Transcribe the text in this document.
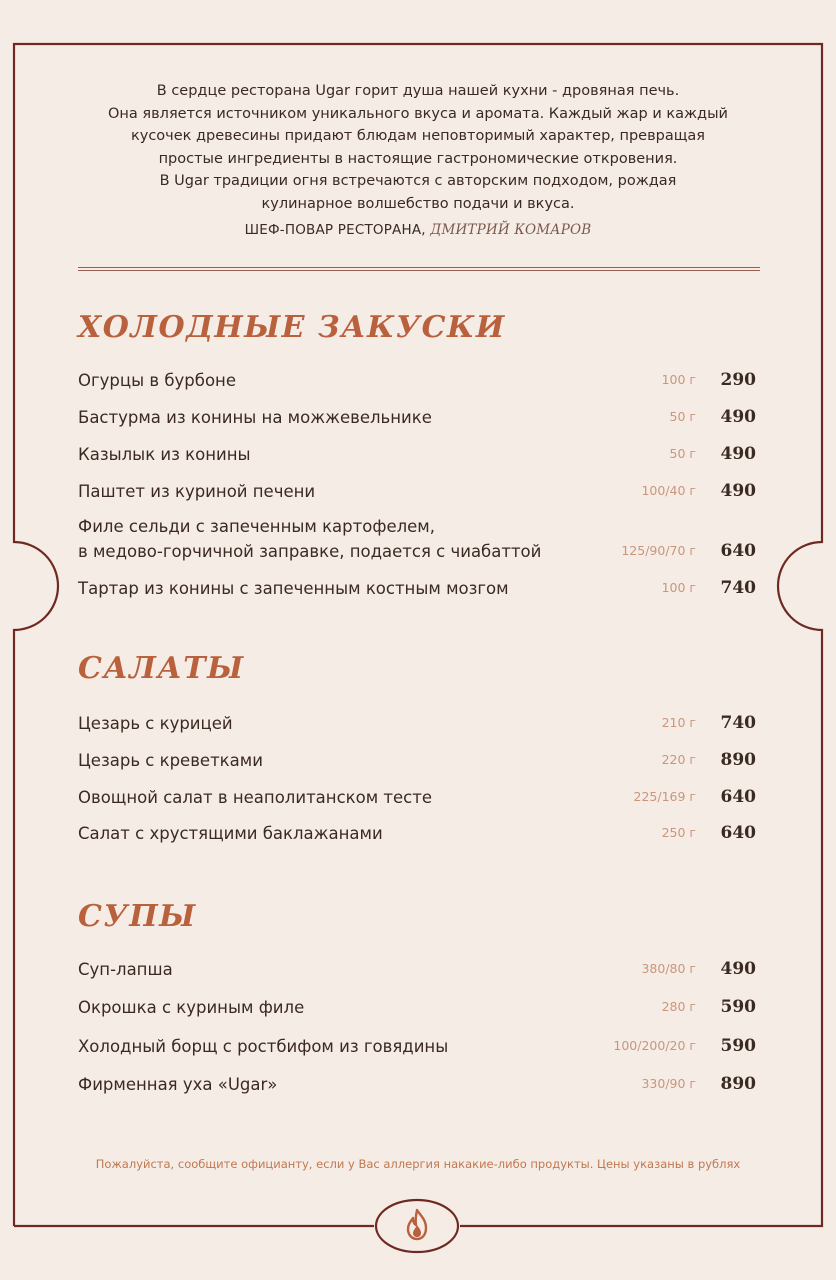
В сердце ресторана Ugar горит душа нашей кухни - дровяная печь.
Она является источником уникального вкуса и аромата. Каждый жар и каждый
кусочек древесины придают блюдам неповторимый характер, превращая
простые ингредиенты в настоящие гастрономические откровения.
В Ugar традиции огня встречаются с авторским подходом, рождая
кулинарное волшебство подачи и вкуса.
ШЕФ-ПОВАР РЕСТОРАНА, ДМИТРИЙ КОМАРОВ
ХОЛОДНЫЕ ЗАКУСКИ
Огурцы в бурбоне	100 г 290
Бастурма из конины на можжевельнике	50 г 490
Казылык из конины	50 г 490
Паштет из куриной печени	100/40 г 490
Филе сельди с запеченным картофелем,
в медово-горчичной заправке, подается с чиабаттой	125/90/70 г 640
Тартар из конины с запеченным костным мозгом	100 г 740
САЛАТЫ
Цезарь с курицей	210 г 740
Цезарь с креветками	220 г 890
Овощной салат в неаполитанском тесте	225/169 г 640
Салат с хрустящими баклажанами	250 г 640
СУПЫ
Суп-лапша	380/80 г 490
Окрошка с куриным филе	280 г 590
Холодный борщ с ростбифом из говядины	100/200/20 г 590
Фирменная уха «Ugar»	330/90 г 890
Пожалуйста, сообщите официанту, если у Вас аллергия накакие-либо продукты. Цены указаны в рублях
